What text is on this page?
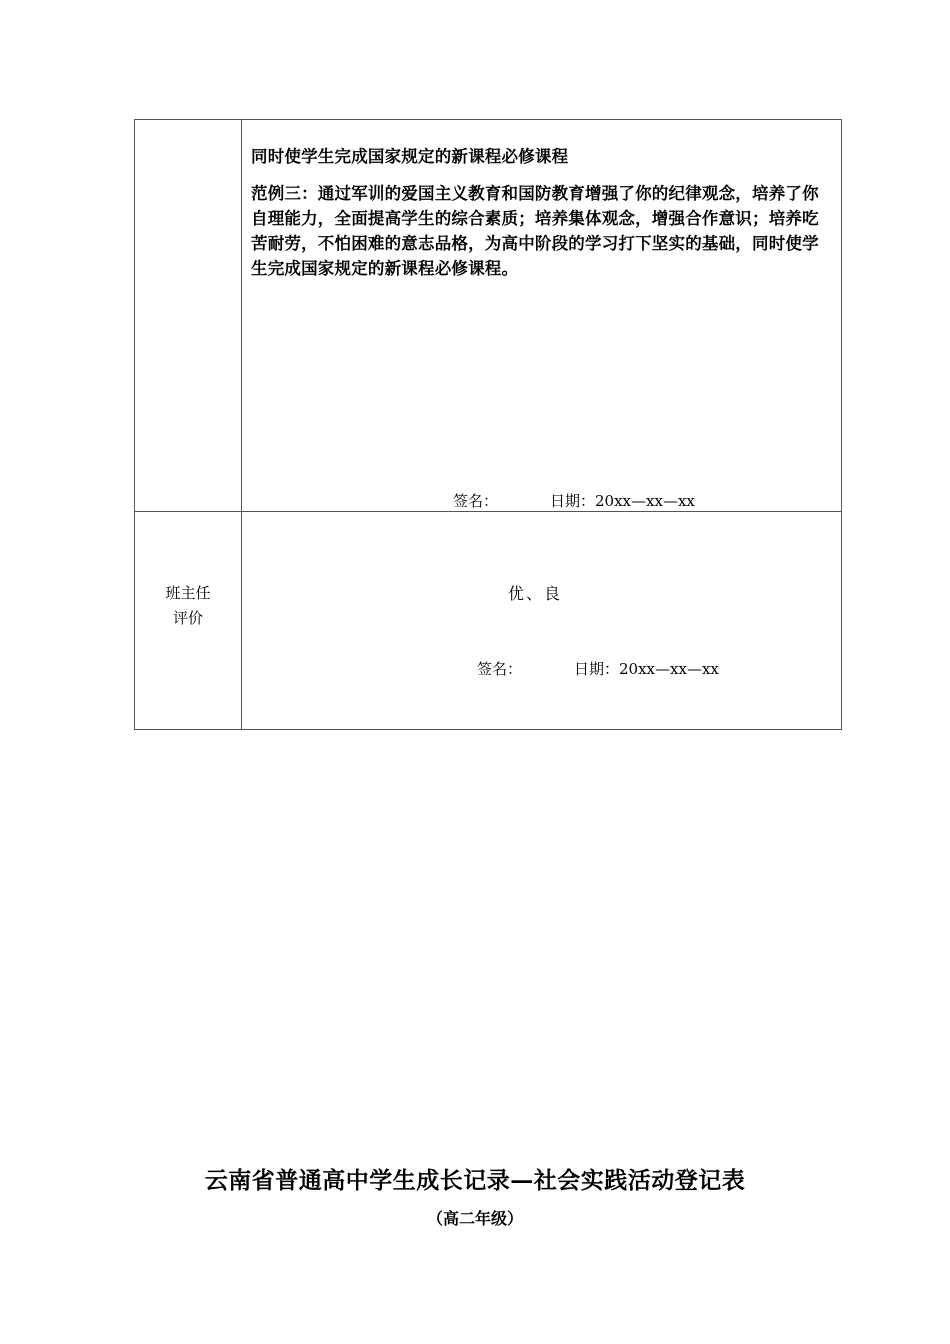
同时使学生完成国家规定的新课程必修课程

范例三：通过军训的爱国主义教育和国防教育增强了你的纪律观念，培养了你自理能力，全面提高学生的综合素质；培养集体观念，增强合作意识；培养吃苦耐劳，不怕困难的意志品格，为高中阶段的学习打下坚实的基础，同时使学生完成国家规定的新课程必修课程。

签名：	日期：20xx—xx—xx
班主任
评价
优、良
签名：	日期：20xx—xx—xx
云南省普通高中学生成长记录—社会实践活动登记表
（高二年级）
